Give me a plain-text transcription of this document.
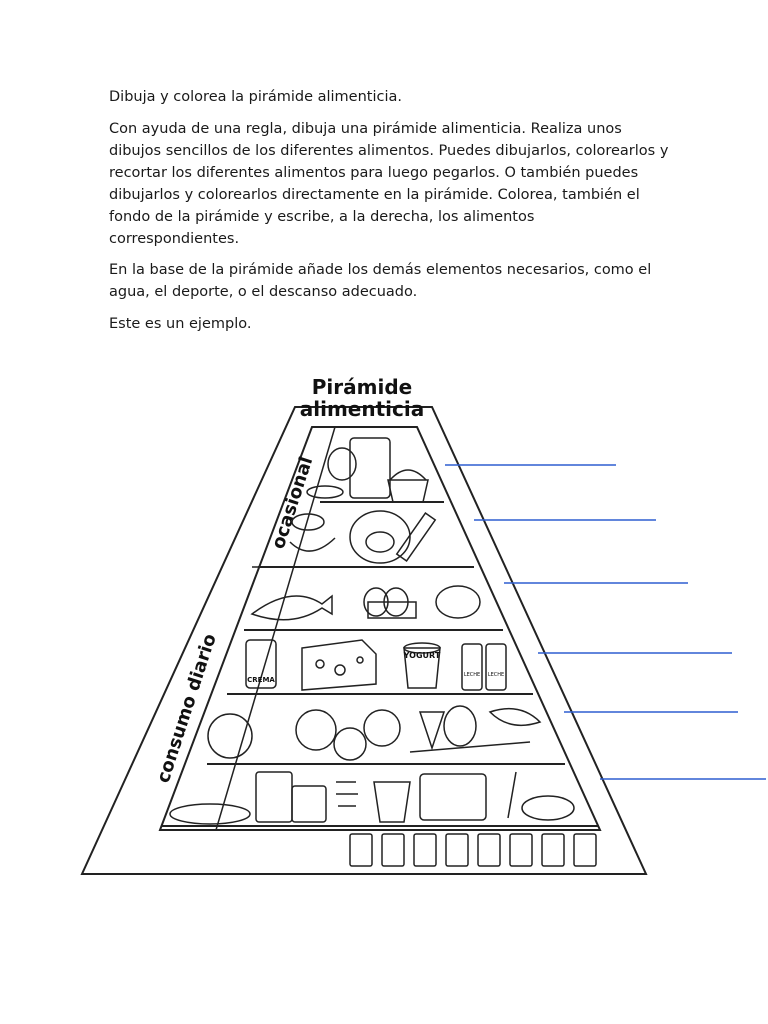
Dibuja y colorea la pirámide alimenticia.

Con ayuda de una regla, dibuja una pirámide alimenticia. Realiza unos dibujos sencillos de los diferentes alimentos. Puedes dibujarlos, colorearlos y recortar los diferentes alimentos para luego pegarlos. O también puedes dibujarlos y colorearlos directamente en la pirámide. Colorea, también el fondo de la pirámide y escribe, a la derecha, los alimentos correspondientes.

En la base de la pirámide añade los demás elementos necesarios, como el agua, el deporte, o el descanso adecuado.

Este es un ejemplo.

Pirámide
alimenticia
ocasional
consumo diario	CREMA
YOGURT
LECHE LECHE
